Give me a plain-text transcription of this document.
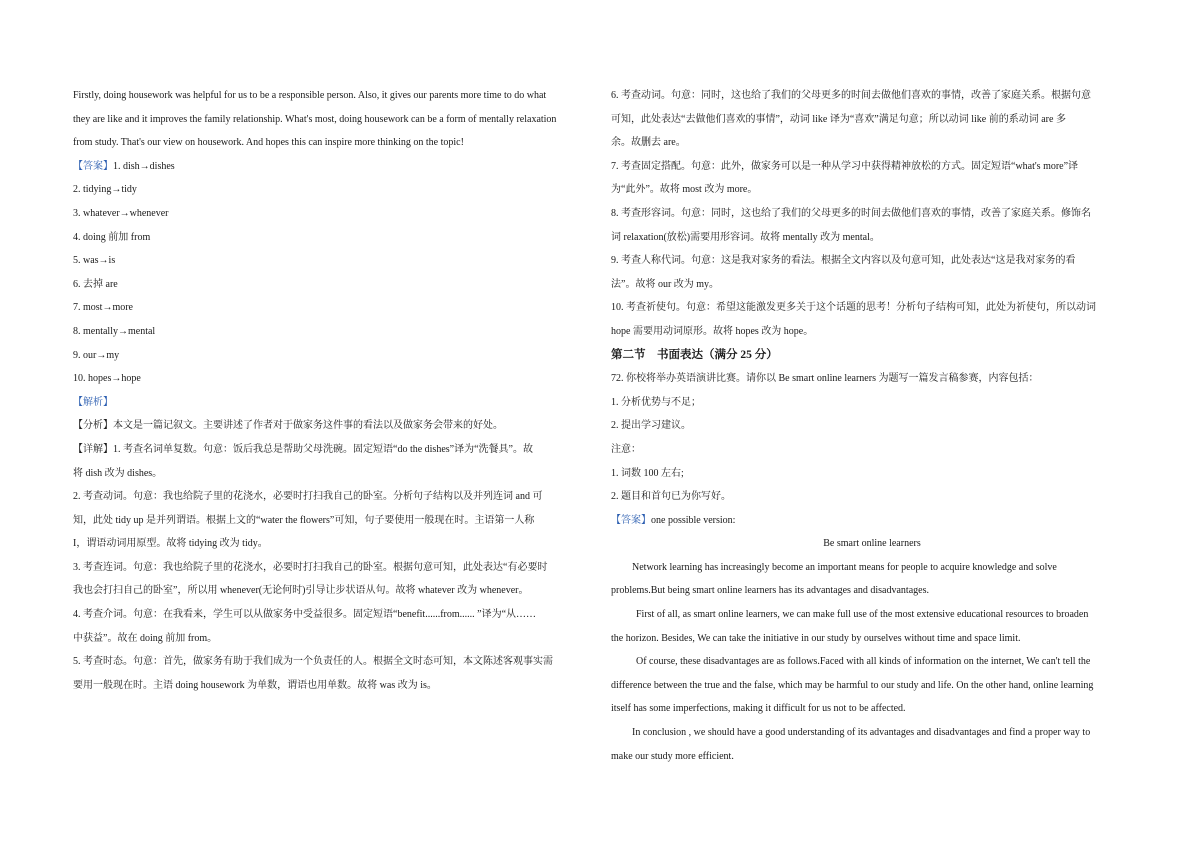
Firstly, doing housework was helpful for us to be a responsible person. Also, it gives our parents more time to do what
they are like and it improves the family relationship. What's most, doing housework can be a form of mentally relaxation
from study. That's our view on housework. And hopes this can inspire more thinking on the topic!
【答案】1. dish→dishes
2. tidying→tidy
3. whatever→whenever
4. doing 前加 from
5. was→is
6. 去掉 are
7. most→more
8. mentally→mental
9. our→my
10. hopes→hope
【解析】
【分析】本文是一篇记叙文。主要讲述了作者对于做家务这件事的看法以及做家务会带来的好处。
【详解】1. 考查名词单复数。句意：饭后我总是帮助父母洗碗。固定短语“do the dishes”译为“洗餐具”。故
将 dish 改为 dishes。
2. 考查动词。句意：我也给院子里的花浇水，必要时打扫我自己的卧室。分析句子结构以及并列连词 and 可
知，此处 tidy up 是并列谓语。根据上文的“water the flowers”可知，句子要使用一般现在时。主语第一人称
I，谓语动词用原型。故将 tidying 改为 tidy。
3. 考查连词。句意：我也给院子里的花浇水，必要时打扫我自己的卧室。根据句意可知，此处表达“有必要时
我也会打扫自己的卧室”，所以用 whenever(无论何时)引导让步状语从句。故将 whatever 改为 whenever。
4. 考查介词。句意：在我看来，学生可以从做家务中受益很多。固定短语“benefit......from...... ”译为“从……
中获益”。故在 doing 前加 from。
5. 考查时态。句意：首先，做家务有助于我们成为一个负责任的人。根据全文时态可知，本文陈述客观事实需
要用一般现在时。主语 doing housework 为单数，谓语也用单数。故将 was 改为 is。
6. 考查动词。句意：同时，这也给了我们的父母更多的时间去做他们喜欢的事情，改善了家庭关系。根据句意
可知，此处表达“去做他们喜欢的事情”，动词 like 译为“喜欢”满足句意；所以动词 like 前的系动词 are 多
余。故删去 are。
7. 考查固定搭配。句意：此外，做家务可以是一种从学习中获得精神放松的方式。固定短语“what's more”译
为“此外”。故将 most 改为 more。
8. 考查形容词。句意：同时，这也给了我们的父母更多的时间去做他们喜欢的事情，改善了家庭关系。修饰名
词 relaxation(放松)需要用形容词。故将 mentally 改为 mental。
9. 考查人称代词。句意：这是我对家务的看法。根据全文内容以及句意可知，此处表达“这是我对家务的看
法”。故将 our 改为 my。
10. 考查祈使句。句意：希望这能激发更多关于这个话题的思考！分析句子结构可知，此处为祈使句，所以动词
hope 需要用动词原形。故将 hopes 改为 hope。
第二节　书面表达（满分 25 分）
72. 你校将举办英语演讲比赛。请你以 Be smart online learners 为题写一篇发言稿参赛，内容包括：
1. 分析优势与不足；
2. 提出学习建议。
注意：
1. 词数 100 左右;
2. 题目和首句已为你写好。
【答案】one possible version:
Be smart online learners
Network learning has increasingly become an important means for people to acquire knowledge and solve
problems.But being smart online learners has its advantages and disadvantages.
First of all, as smart online learners, we can make full use of the most extensive educational resources to broaden
the horizon. Besides, We can take the initiative in our study by ourselves without time and space limit.
Of course, these disadvantages are as follows.Faced with all kinds of information on the internet, We can't tell the
difference between the true and the false, which may be harmful to our study and life. On the other hand, online learning
itself has some imperfections, making it difficult for us not to be affected.
In conclusion , we should have a good understanding of its advantages and disadvantages and find a proper way to
make our study more efficient.
